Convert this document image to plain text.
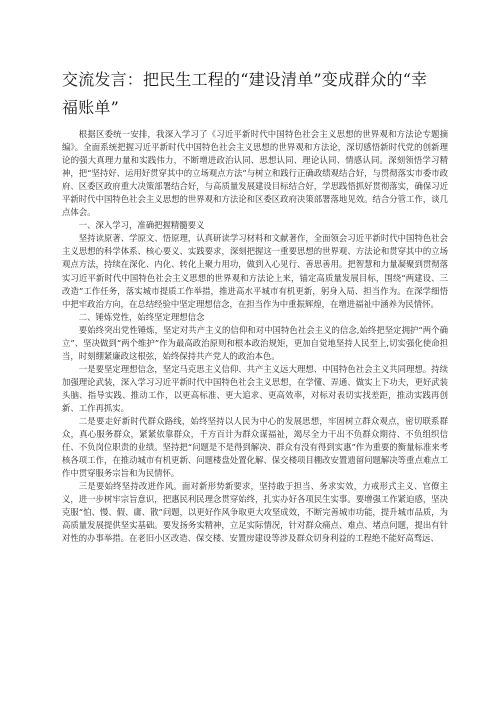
交流发言：把民生工程的“建设清单”变成群众的“幸福账单”

根据区委统一安排，我深入学习了《习近平新时代中国特色社会主义思想的世界观和方法论专题摘编》。全面系统把握习近平新时代中国特色社会主义思想的世界观和方法论，深切感悟新时代党的创新理论的强大真理力量和实践伟力，不断增进政治认同、思想认同、理论认同、情感认同。深刻领悟学习精神，把“坚持好、运用好贯穿其中的立场观点方法”与树立和践行正确政绩观结合好，与贯彻落实市委市政府、区委区政府重大决策部署结合好，与高质量发展建设目标结合好，学思践悟抓好贯彻落实，确保习近平新时代中国特色社会主义思想的世界观和方法论和区委区政府决策部署落地见效。结合分管工作，谈几点体会。

一、深入学习，准确把握精髓要义

坚持读原著、学原文、悟原理，认真研读学习材料和文献著作，全面领会习近平新时代中国特色社会主义思想的科学体系、核心要义、实践要求，深刻把握这一重要思想的世界观、方法论和贯穿其中的立场观点方法，持续在深化、内化、转化上聚力用功，做到入心见行、善思善用。把智慧和力量凝聚到贯彻落实习近平新时代中国特色社会主义思想的世界观和方法论上来，锚定高质量发展目标，围绕“两建设、三改造”工作任务，落实城市提质工作举措，推进高水平城市有机更新，躬身入局、担当作为。在深学细悟中把牢政治方向，在总结经验中坚定理想信念，在担当作为中重振辉煌，在增进福祉中涵养为民情怀。

二、锤炼党性，始终坚定理想信念

要始终突出党性锤炼，坚定对共产主义的信仰和对中国特色社会主义的信念,始终把坚定拥护“两个确立”、坚决做到“两个维护”作为最高政治原则和根本政治规矩，更加自觉地坚持人民至上,切实强化使命担当，时刻绷紧廉政这根弦，始终保持共产党人的政治本色。

一是要坚定理想信念，坚定马克思主义信仰、共产主义远大理想、中国特色社会主义共同理想。持续加强理论武装，深入学习习近平新时代中国特色社会主义思想，在学懂、弄通、做实上下功夫，更好武装头脑、指导实践、推动工作，以更高标准、更大追求、更高效率，对标对表切实找差距，推动实践再创新、工作再抓实。

二是要走好新时代群众路线，始终坚持以人民为中心的发展思想，牢固树立群众观点，密切联系群众，真心服务群众，紧紧依靠群众，千方百计为群众谋福祉，竭尽全力干出不负群众期待、不负组织信任、不负岗位职责的业绩。坚持把“问题是不是得到解决、群众有没有得到实惠”作为重要的衡量标准来考核各项工作，在推动城市有机更新、问题楼盘处置化解、保交楼项目棚改安置遗留问题解决等重点难点工作中贯穿服务宗旨和为民情怀。

三是要始终坚持改进作风。面对新形势新要求，坚持敢于担当、务求实效，力戒形式主义、官僚主义，进一步树牢宗旨意识，把惠民利民理念贯穿始终，扎实办好各项民生实事。要增强工作紧迫感，坚决克服“怕、慢、假、庸、散”问题，以更好作风争取更大攻坚成效，不断完善城市功能，提升城市品质，为高质量发展提供坚实基础。要发扬务实精神，立足实际情况，针对群众痛点、难点、堵点问题，提出有针对性的办事举措。在老旧小区改造、保交楼、安置房建设等涉及群众切身利益的工程绝不能好高骛远、
